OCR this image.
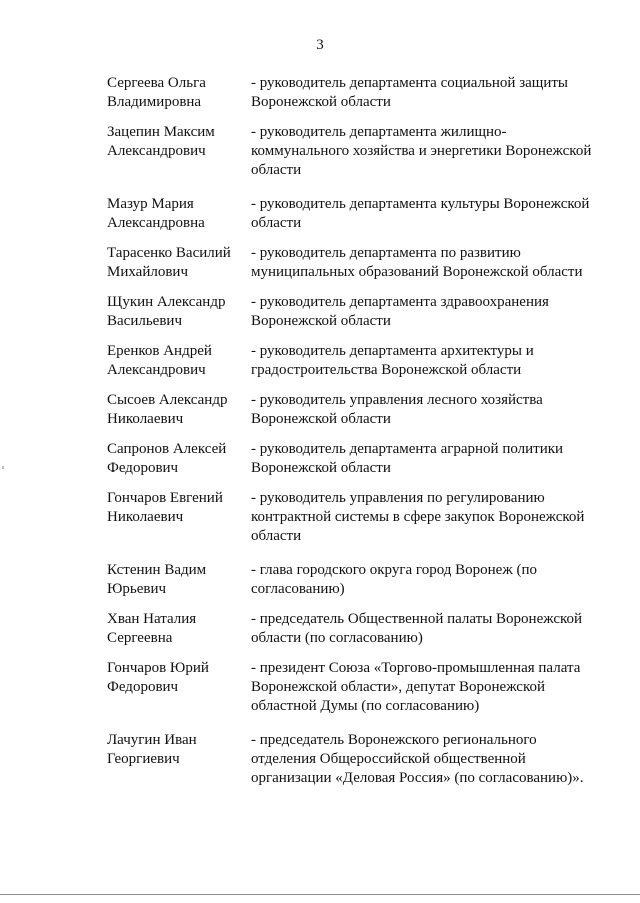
3
Сергеева Ольга
Владимировна
- руководитель департамента социальной защиты
Воронежской области
Зацепин Максим
Александрович
- руководитель департамента жилищно-
коммунального хозяйства и энергетики Воронежской
области
Мазур Мария
Александровна
- руководитель департамента культуры Воронежской
области
Тарасенко Василий
Михайлович
- руководитель департамента по развитию
муниципальных образований Воронежской области
Щукин Александр
Васильевич
- руководитель департамента здравоохранения
Воронежской области
Еренков Андрей
Александрович
- руководитель департамента архитектуры и
градостроительства Воронежской области
Сысоев Александр
Николаевич
- руководитель управления лесного хозяйства
Воронежской области
Сапронов Алексей
Федорович
- руководитель департамента аграрной политики
Воронежской области
Гончаров Евгений
Николаевич
- руководитель управления по регулированию
контрактной системы в сфере закупок Воронежской
области
Кстенин Вадим
Юрьевич
- глава городского округа город Воронеж (по
согласованию)
Хван Наталия
Сергеевна
- председатель Общественной палаты Воронежской
области (по согласованию)
Гончаров Юрий
Федорович
- президент Союза «Торгово-промышленная палата
Воронежской области», депутат Воронежской
областной Думы (по согласованию)
Лачугин Иван
Георгиевич
- председатель Воронежского регионального
отделения Общероссийской общественной
организации «Деловая Россия» (по согласованию)».
